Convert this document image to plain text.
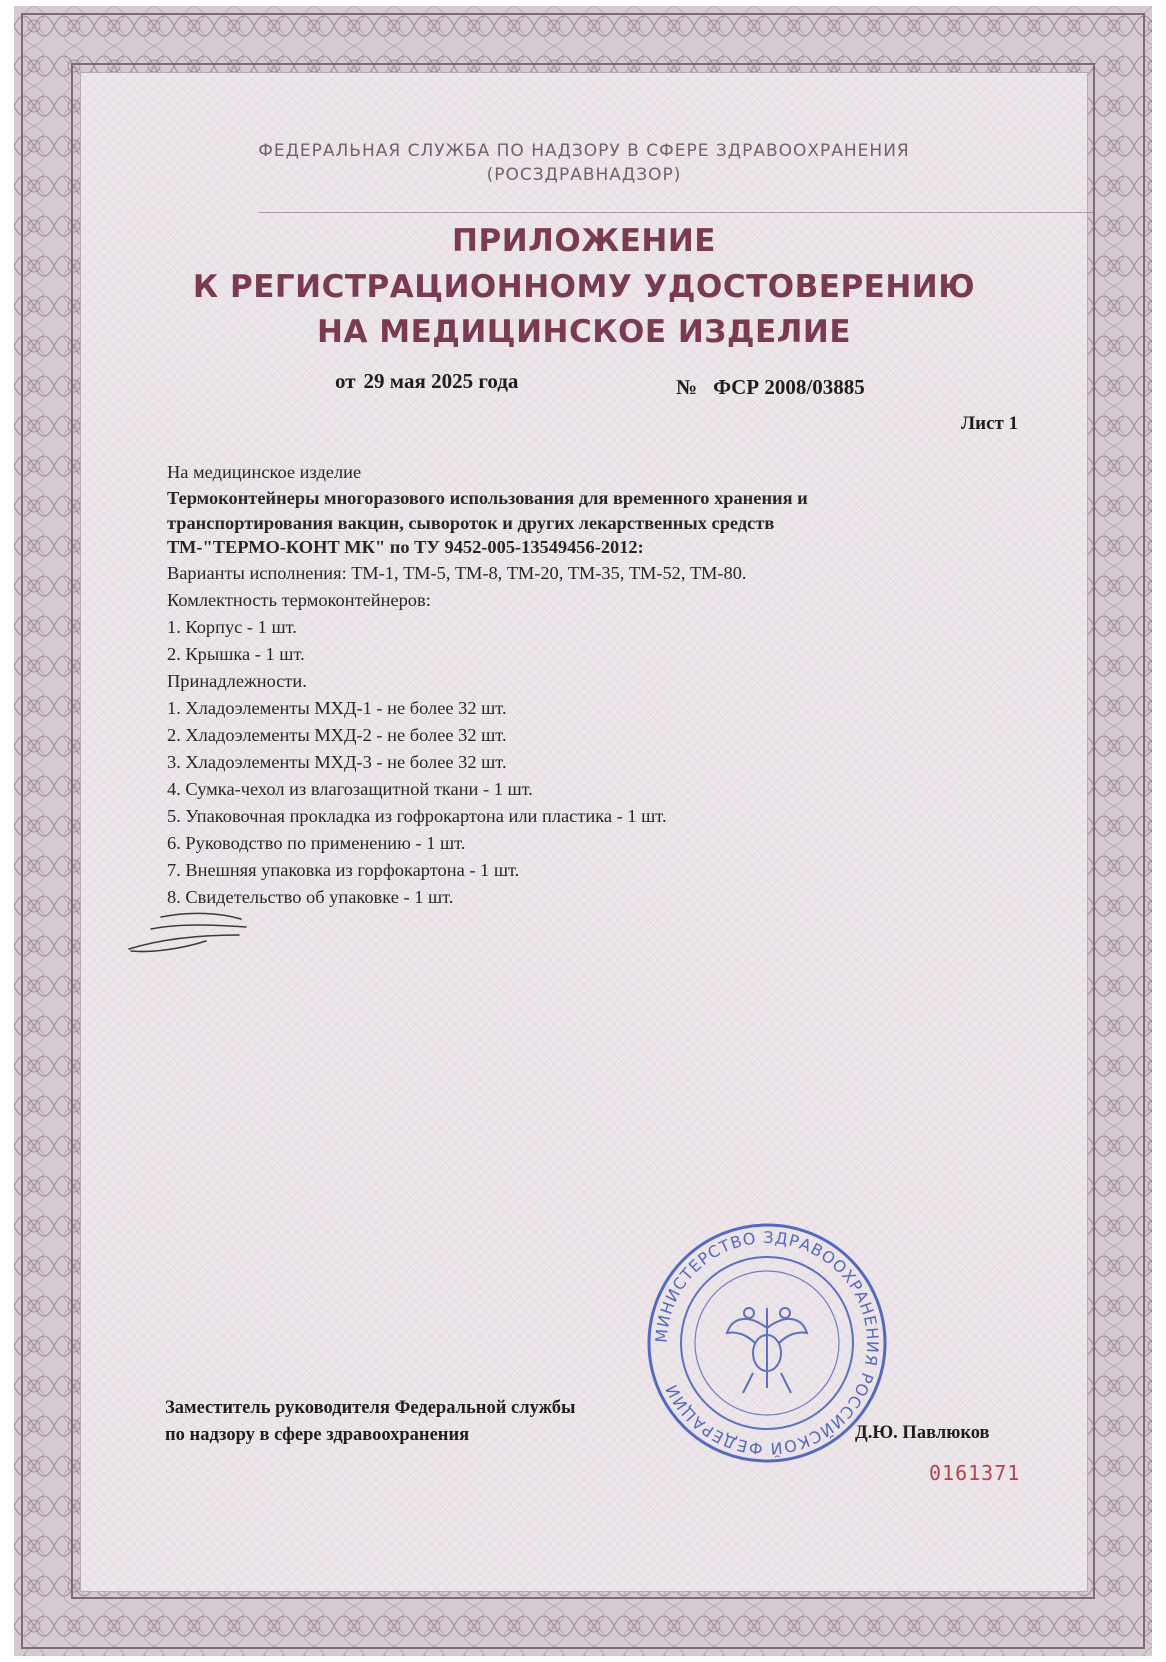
ФЕДЕРАЛЬНАЯ СЛУЖБА ПО НАДЗОРУ В СФЕРЕ ЗДРАВООХРАНЕНИЯ
(РОСЗДРАВНАДЗОР)
ПРИЛОЖЕНИЕ
К РЕГИСТРАЦИОННОМУ УДОСТОВЕРЕНИЮ
НА МЕДИЦИНСКОЕ ИЗДЕЛИЕ
от 29 мая 2025 года	№ ФСР 2008/03885
Лист 1
На медицинское изделие
Термоконтейнеры многоразового использования для временного хранения и
транспортирования вакцин, сывороток и других лекарственных средств
ТМ-"ТЕРМО-КОНТ МК" по ТУ 9452-005-13549456-2012:
Варианты исполнения: ТМ-1, ТМ-5, ТМ-8, ТМ-20, ТМ-35, ТМ-52, ТМ-80.
Комлектность термоконтейнеров:
1. Корпус - 1 шт.
2. Крышка - 1 шт.
Принадлежности.
1. Хладоэлементы МХД-1 - не более 32 шт.
2. Хладоэлементы МХД-2 - не более 32 шт.
3. Хладоэлементы МХД-3 - не более 32 шт.
4. Сумка-чехол из влагозащитной ткани - 1 шт.
5. Упаковочная прокладка из гофрокартона или пластика - 1 шт.
6. Руководство по применению - 1 шт.
7. Внешняя упаковка из горфокартона - 1 шт.
8. Свидетельство об упаковке - 1 шт.
МИНИСТЕРСТВО ЗДРАВООХРАНЕНИЯ РОССИЙСКОЙ ФЕДЕРАЦИИ
Заместитель руководителя Федеральной службы
по надзору в сфере здравоохранения	Д.Ю. Павлюков
0161371
